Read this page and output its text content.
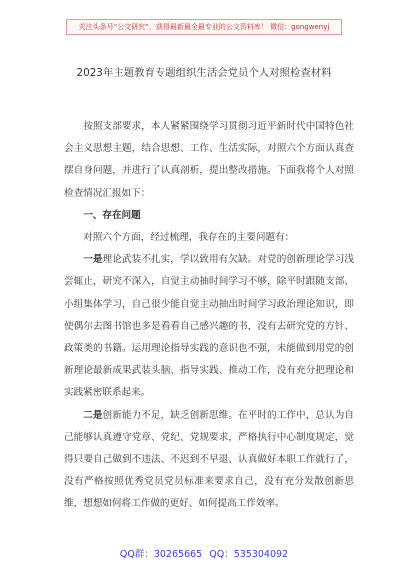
关注头条号“公文研究”，获得最新最全最专业的公文资料库！ 微信：gongwenyj
2023年主题教育专题组织生活会党员个人对照检查材料

按照支部要求，本人紧紧围绕学习贯彻习近平新时代中国特色社会主义思想主题，结合思想、工作、生活实际，对照六个方面认真查摆自身问题，并进行了认真剖析，提出整改措施。下面我将个人对照检查情况汇报如下：

一、存在问题

对照六个方面，经过梳理，我存在的主要问题有：

一是理论武装不扎实，学以致用有欠缺。对党的创新理论学习浅尝辄止，研究不深入，自觉主动抽时间学习不够，除平时跟随支部、小组集体学习，自己很少能自觉主动抽出时间学习政治理论知识，即使偶尔去图书馆也多是看看自己感兴趣的书，没有去研究党的方针、政策类的书籍。运用理论指导实践的意识也不强，未能做到用党的创新理论最新成果武装头脑、指导实践、推动工作，没有充分把理论和实践紧密联系起来。

二是创新能力不足，缺乏创新思维。在平时的工作中，总认为自己能够认真遵守党章、党纪、党规要求，严格执行中心制度规定，觉得只要自己做到不违法、不迟到不早退、认真做好本职工作就行了，没有严格按照优秀党员党员标准来要求自己，没有充分发散创新思维，想想如何将工作做的更好、如何提高工作效率。

QQ群：30265665 QQ：535304092
